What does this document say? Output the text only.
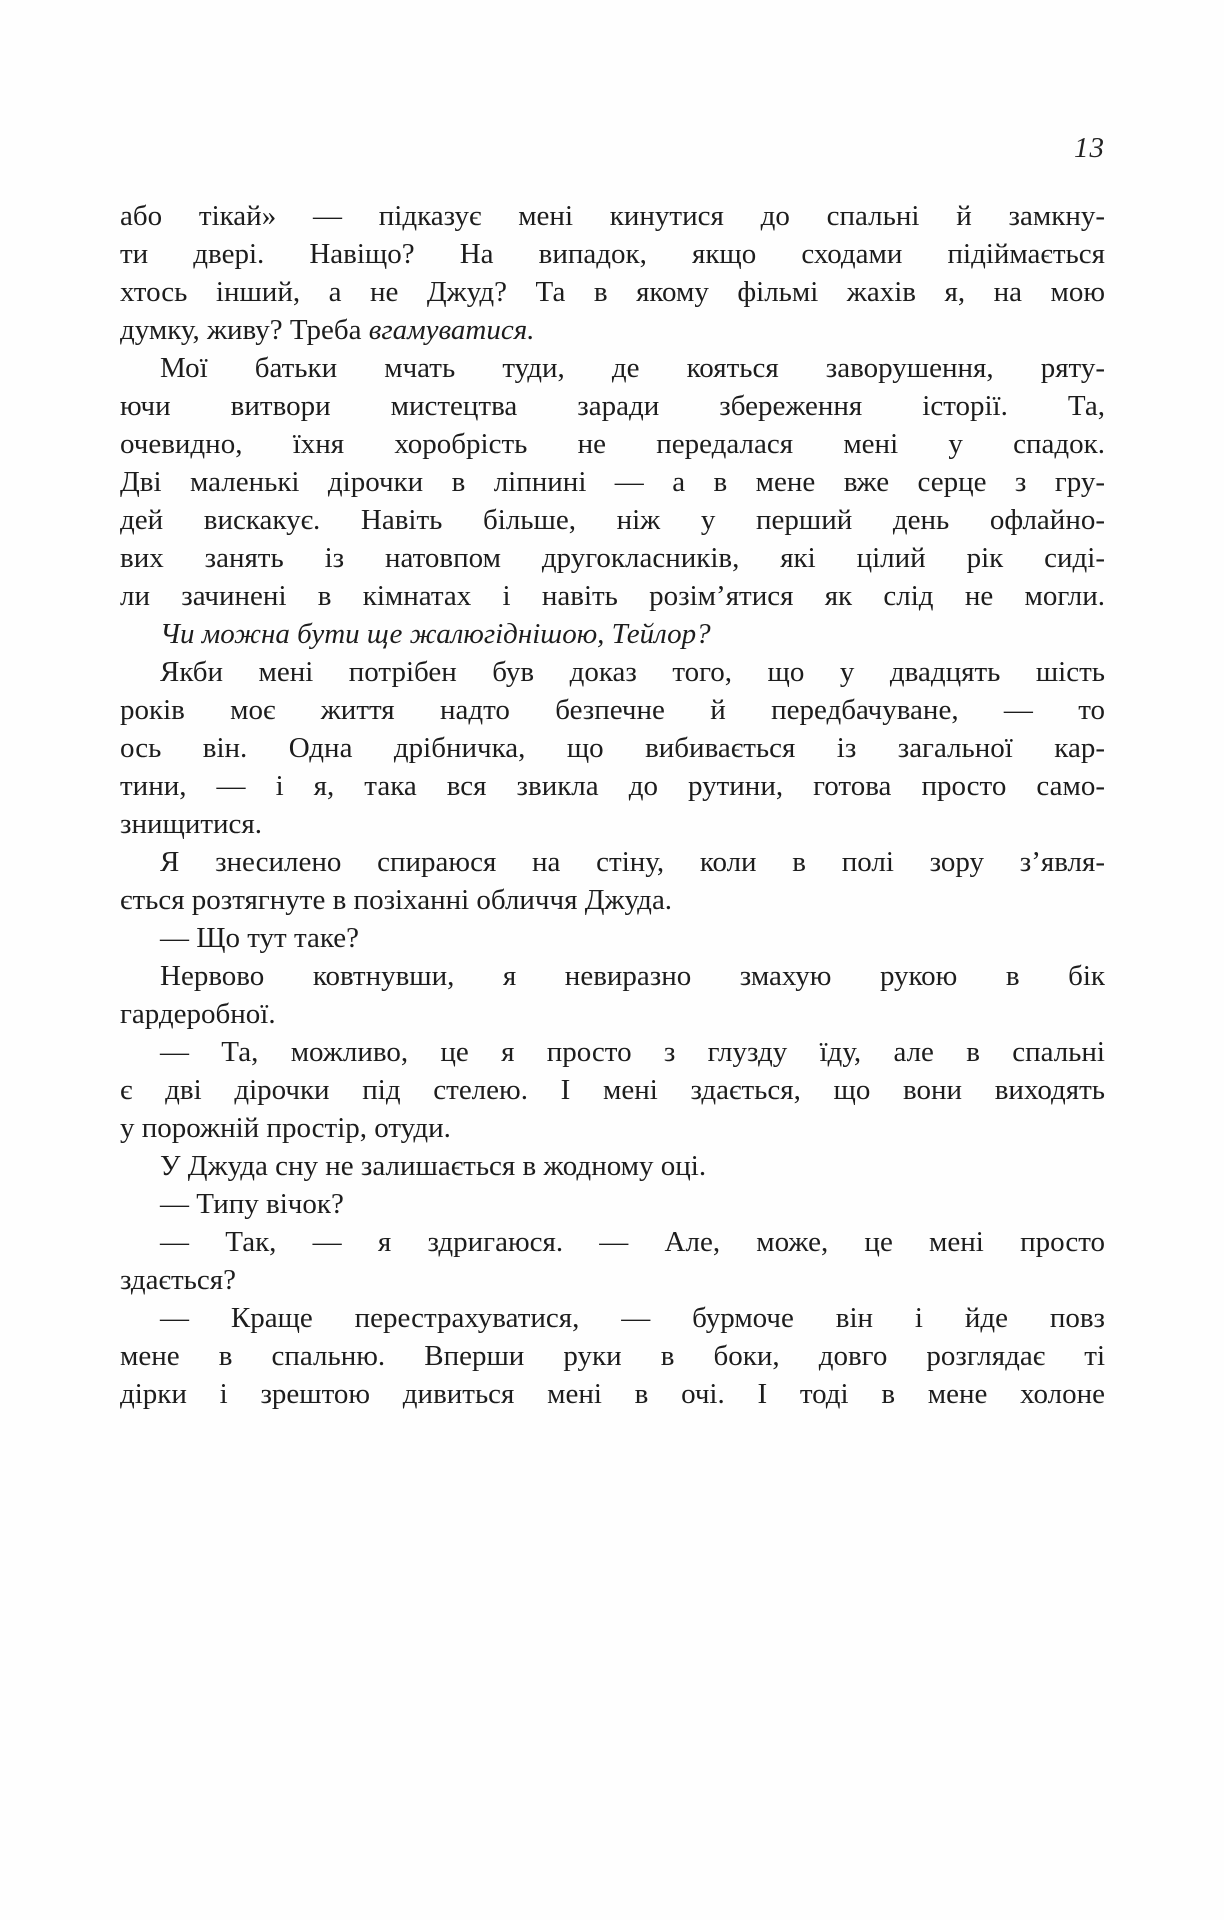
13
або тікай» — підказує мені кинутися до спальні й замкну-
ти двері. Навіщо? На випадок, якщо сходами підіймається
хтось інший, а не Джуд? Та в якому фільмі жахів я, на мою
думку, живу? Треба вгамуватися.
Мої батьки мчать туди, де кояться заворушення, ряту-
ючи витвори мистецтва заради збереження історії. Та,
очевидно, їхня хоробрість не передалася мені у спадок.
Дві маленькі дірочки в ліпнині — а в мене вже серце з гру-
дей вискакує. Навіть більше, ніж у перший день офлайно-
вих занять із натовпом другокласників, які цілий рік сиді-
ли зачинені в кімнатах і навіть розім’ятися як слід не могли.
Чи можна бути ще жалюгіднішою, Тейлор?
Якби мені потрібен був доказ того, що у двадцять шість
років моє життя надто безпечне й передбачуване, — то
ось він. Одна дрібничка, що вибивається із загальної кар-
тини, — і я, така вся звикла до рутини, готова просто само-
знищитися.
Я знесилено спираюся на стіну, коли в полі зору з’явля-
ється розтягнуте в позіханні обличчя Джуда.
— Що тут таке?
Нервово ковтнувши, я невиразно змахую рукою в бік
гардеробної.
— Та, можливо, це я просто з глузду їду, але в спальні
є дві дірочки під стелею. І мені здається, що вони виходять
у порожній простір, отуди.
У Джуда сну не залишається в жодному оці.
— Типу вічок?
— Так, — я здригаюся. — Але, може, це мені просто
здається?
— Краще перестрахуватися, — бурмоче він і йде повз
мене в спальню. Вперши руки в боки, довго розглядає ті
дірки і зрештою дивиться мені в очі. І тоді в мене холоне
